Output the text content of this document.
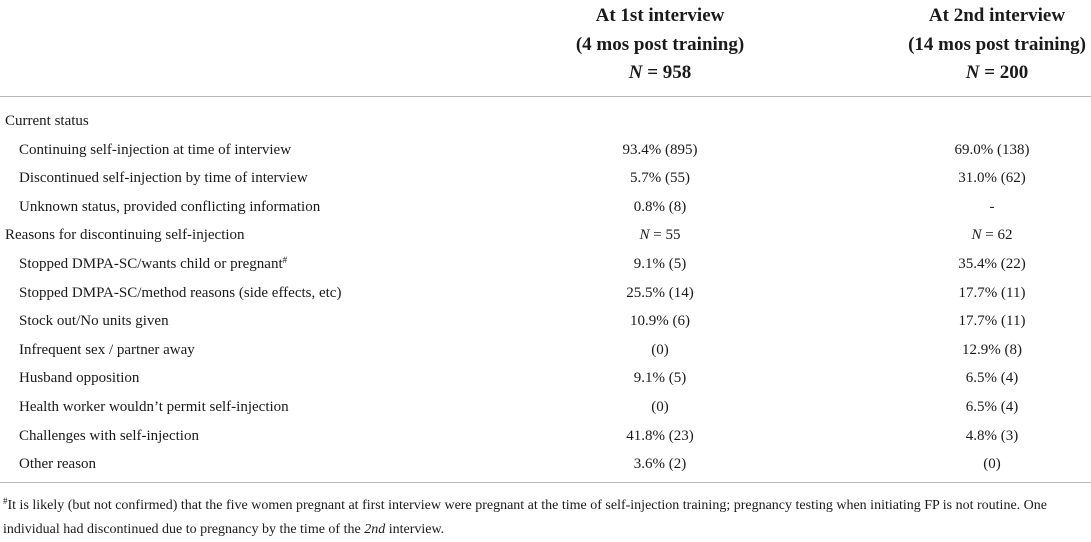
At 1st interview
(4 mos post training)
N = 958
At 2nd interview
(14 mos post training)
N = 200
Current status
Continuing self-injection at time of interview	93.4% (895)	69.0% (138)
Discontinued self-injection by time of interview	5.7% (55)	31.0% (62)
Unknown status, provided conflicting information	0.8% (8)	-
Reasons for discontinuing self-injection	N = 55	N = 62
Stopped DMPA-SC/wants child or pregnant#	9.1% (5)	35.4% (22)
Stopped DMPA-SC/method reasons (side effects, etc)	25.5% (14)	17.7% (11)
Stock out/No units given	10.9% (6)	17.7% (11)
Infrequent sex / partner away	(0)	12.9% (8)
Husband opposition	9.1% (5)	6.5% (4)
Health worker wouldn’t permit self-injection	(0)	6.5% (4)
Challenges with self-injection	41.8% (23)	4.8% (3)
Other reason	3.6% (2)	(0)
#It is likely (but not confirmed) that the five women pregnant at first interview were pregnant at the time of self-injection training; pregnancy testing when initiating FP is not routine. One individual had discontinued due to pregnancy by the time of the 2nd interview.
